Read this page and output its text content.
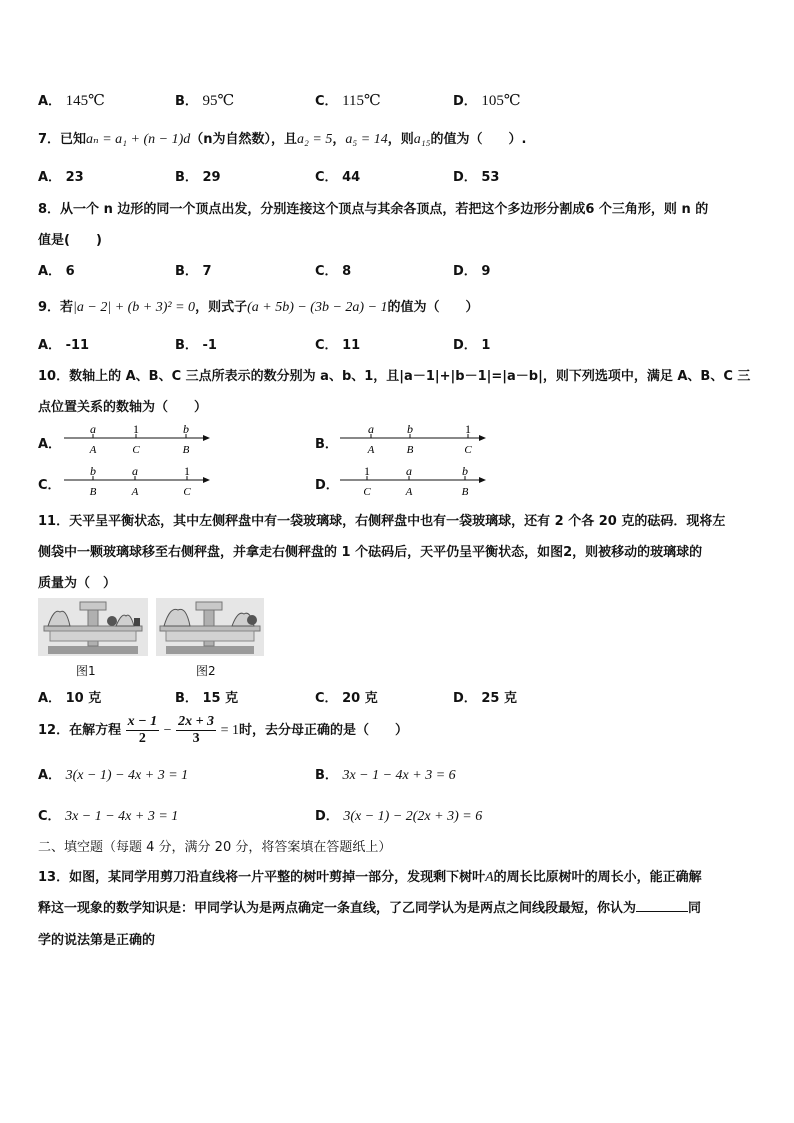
A． 145℃	B． 95℃	C． 115℃	D． 105℃
7．已知aₙ = a₁ + (n − 1)d（n为自然数），且a₂ = 5，a₅ = 14，则a₁₅的值为（　　）.
A． 23	B． 29	C． 44	D． 53
8．从一个 n 边形的同一个顶点出发，分别连接这个顶点与其余各顶点，若把这个多边形分割成6 个三角形，则 n 的
值是(　　)
A． 6	B． 7	C． 8	D． 9
9．若|a − 2| + (b + 3)² = 0，则式子(a + 5b) − (3b − 2a) − 1的值为（　　）
A． -11	B． -1	C． 11	D． 1
10．数轴上的 A、B、C 三点所表示的数分别为 a、b、1，且|a－1|+|b－1|=|a－b|，则下列选项中，满足 A、B、C 三
点位置关系的数轴为（　　）
A．
a	1	b
A	C	B	B．
a	b	1
A	B	C
C．
b	a	1
B	A	C	D．
1	a	b
C	A	B
11．天平呈平衡状态，其中左侧秤盘中有一袋玻璃球，右侧秤盘中也有一袋玻璃球，还有 2 个各 20 克的砝码．现将左
侧袋中一颗玻璃球移至右侧秤盘，并拿走右侧秤盘的 1 个砝码后，天平仍呈平衡状态，如图2，则被移动的玻璃球的
质量为（　）
图1	图2
A． 10 克	B． 15 克	C． 20 克	D． 25 克
12．在解方程 $\frac{x - 1}{2} - \frac{2x + 3}{3} = 1$时，去分母正确的是（　　）
A． 3(x − 1) − 4x + 3 = 1	B． 3x − 1 − 4x + 3 = 6
C． 3x − 1 − 4x + 3 = 1	D． 3(x − 1) − 2(2x + 3) = 6
二、填空题（每题 4 分，满分 20 分，将答案填在答题纸上）
13．如图，某同学用剪刀沿直线将一片平整的树叶剪掉一部分，发现剩下树叶A的周长比原树叶的周长小，能正确解
释这一现象的数学知识是：甲同学认为是两点确定一条直线，了乙同学认为是两点之间线段最短，你认为	同
学的说法第是正确的
